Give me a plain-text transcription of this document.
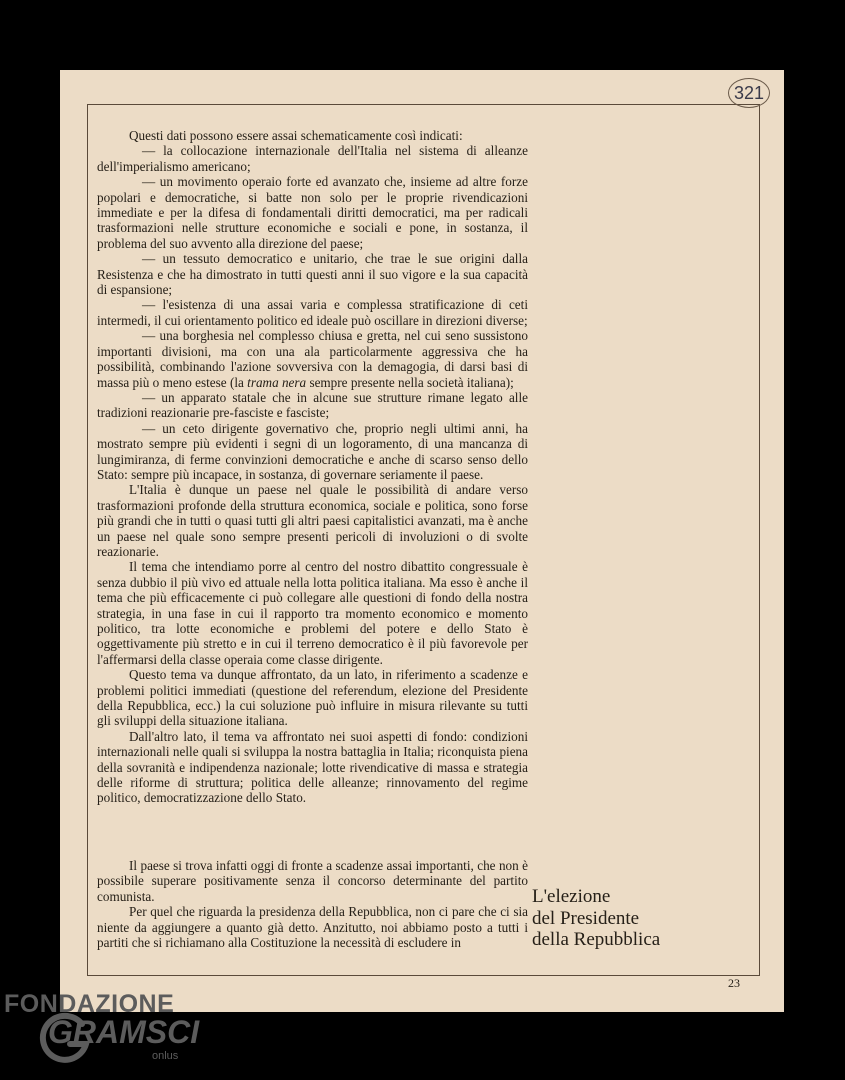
321

Questi dati possono essere assai schematicamente così indicati:

— la collocazione internazionale dell'Italia nel sistema di alleanze dell'imperialismo americano;

— un movimento operaio forte ed avanzato che, insieme ad altre forze popolari e democratiche, si batte non solo per le proprie rivendicazioni immediate e per la difesa di fondamentali diritti democratici, ma per radicali trasformazioni nelle strutture economiche e sociali e pone, in sostanza, il problema del suo avvento alla direzione del paese;

— un tessuto democratico e unitario, che trae le sue origini dalla Resistenza e che ha dimostrato in tutti questi anni il suo vigore e la sua capacità di espansione;

— l'esistenza di una assai varia e complessa stratificazione di ceti intermedi, il cui orientamento politico ed ideale può oscillare in direzioni diverse;

— una borghesia nel complesso chiusa e gretta, nel cui seno sussistono importanti divisioni, ma con una ala particolarmente aggressiva che ha possibilità, combinando l'azione sovversiva con la demagogia, di darsi basi di massa più o meno estese (la trama nera sempre presente nella società italiana);

— un apparato statale che in alcune sue strutture rimane legato alle tradizioni reazionarie pre-fasciste e fasciste;

— un ceto dirigente governativo che, proprio negli ultimi anni, ha mostrato sempre più evidenti i segni di un logoramento, di una mancanza di lungimiranza, di ferme convinzioni democratiche e anche di scarso senso dello Stato: sempre più incapace, in sostanza, di governare seriamente il paese.

L'Italia è dunque un paese nel quale le possibilità di andare verso trasformazioni profonde della struttura economica, sociale e politica, sono forse più grandi che in tutti o quasi tutti gli altri paesi capitalistici avanzati, ma è anche un paese nel quale sono sempre presenti pericoli di involuzioni o di svolte reazionarie.

Il tema che intendiamo porre al centro del nostro dibattito congressuale è senza dubbio il più vivo ed attuale nella lotta politica italiana. Ma esso è anche il tema che più efficacemente ci può collegare alle questioni di fondo della nostra strategia, in una fase in cui il rapporto tra momento economico e momento politico, tra lotte economiche e problemi del potere e dello Stato è oggettivamente più stretto e in cui il terreno democratico è il più favorevole per l'affermarsi della classe operaia come classe dirigente.

Questo tema va dunque affrontato, da un lato, in riferimento a scadenze e problemi politici immediati (questione del referendum, elezione del Presidente della Repubblica, ecc.) la cui soluzione può influire in misura rilevante su tutti gli sviluppi della situazione italiana.

Dall'altro lato, il tema va affrontato nei suoi aspetti di fondo: condizioni internazionali nelle quali si sviluppa la nostra battaglia in Italia; riconquista piena della sovranità e indipendenza nazionale; lotte rivendicative di massa e strategia delle riforme di struttura; politica delle alleanze; rinnovamento del regime politico, democratizzazione dello Stato.

Il paese si trova infatti oggi di fronte a scadenze assai importanti, che non è possibile superare positivamente senza il concorso determinante del partito comunista.

Per quel che riguarda la presidenza della Repubblica, non ci pare che ci sia niente da aggiungere a quanto già detto. Anzitutto, noi abbiamo posto a tutti i partiti che si richiamano alla Costituzione la necessità di escludere in

L'elezione
del Presidente
della Repubblica
23
FONDAZIONE
GRAMSCI
onlus
